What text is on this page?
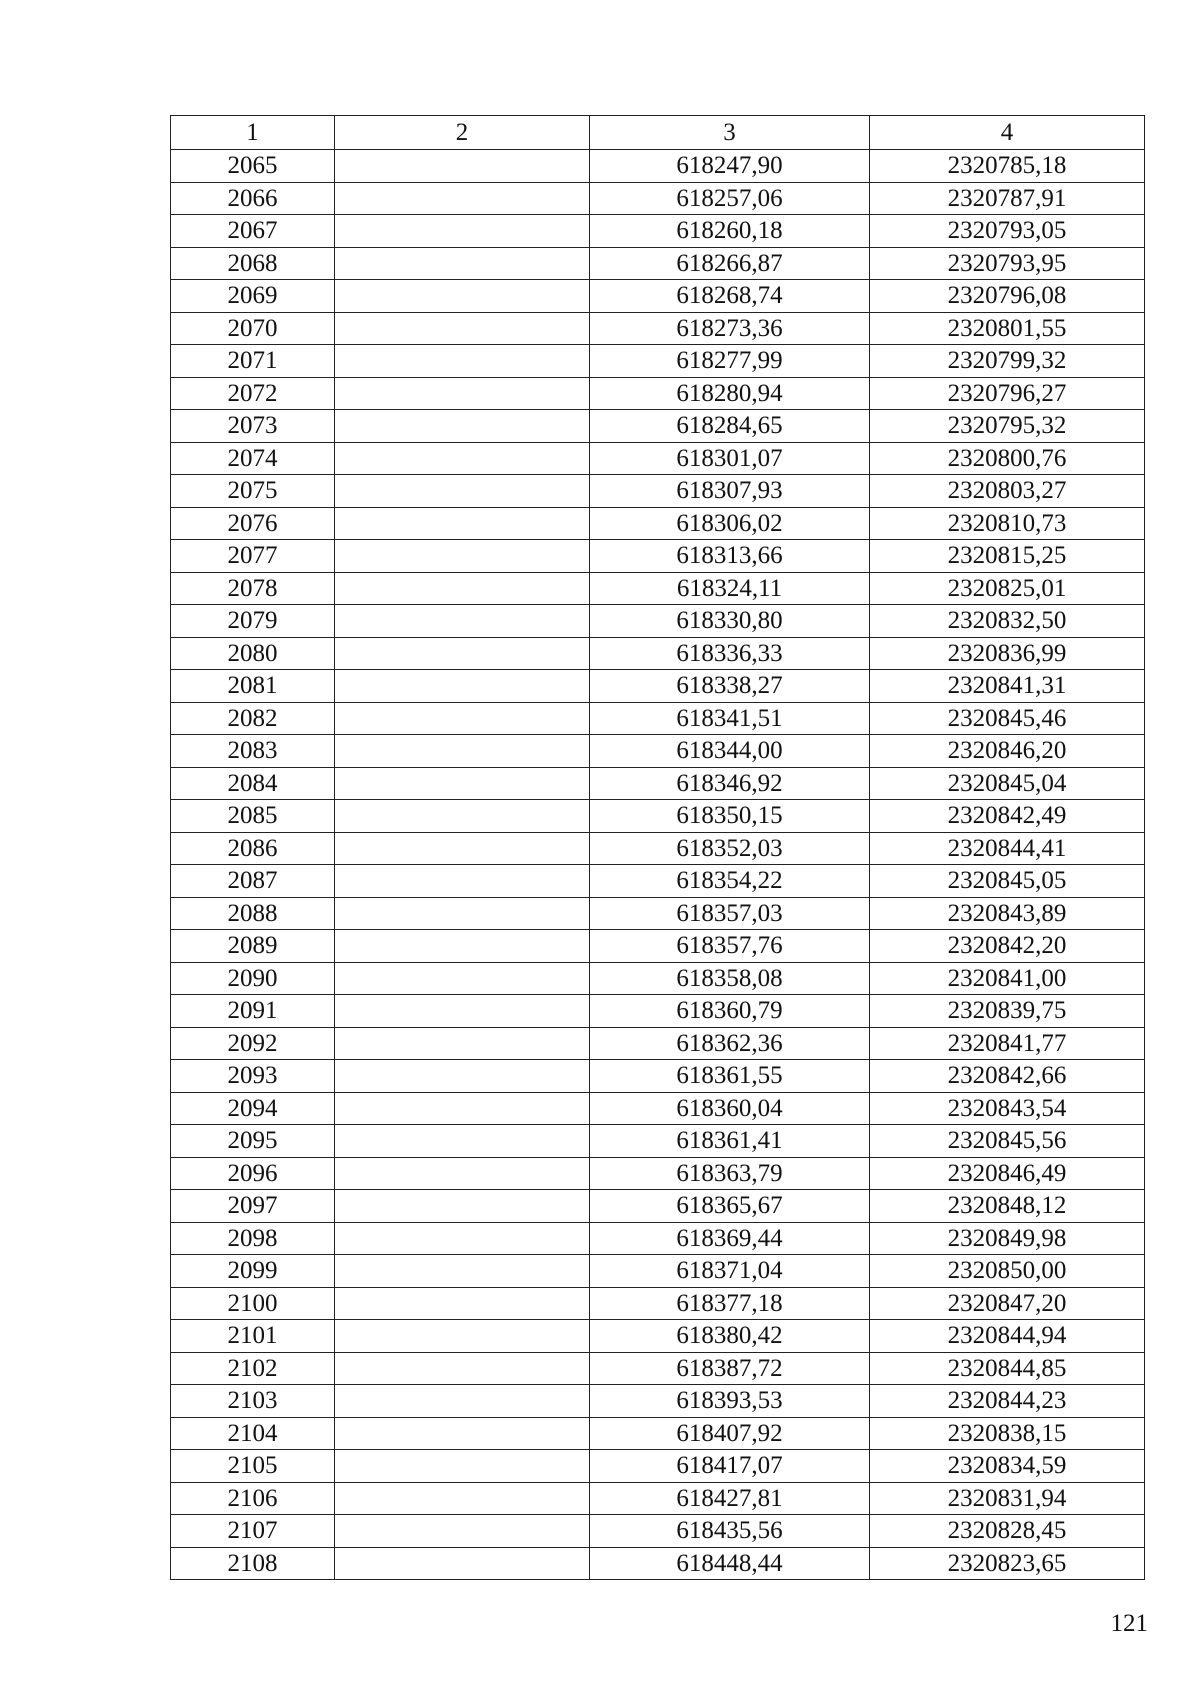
1	2	3	4
2065		618247,90	2320785,18
2066		618257,06	2320787,91
2067		618260,18	2320793,05
2068		618266,87	2320793,95
2069		618268,74	2320796,08
2070		618273,36	2320801,55
2071		618277,99	2320799,32
2072		618280,94	2320796,27
2073		618284,65	2320795,32
2074		618301,07	2320800,76
2075		618307,93	2320803,27
2076		618306,02	2320810,73
2077		618313,66	2320815,25
2078		618324,11	2320825,01
2079		618330,80	2320832,50
2080		618336,33	2320836,99
2081		618338,27	2320841,31
2082		618341,51	2320845,46
2083		618344,00	2320846,20
2084		618346,92	2320845,04
2085		618350,15	2320842,49
2086		618352,03	2320844,41
2087		618354,22	2320845,05
2088		618357,03	2320843,89
2089		618357,76	2320842,20
2090		618358,08	2320841,00
2091		618360,79	2320839,75
2092		618362,36	2320841,77
2093		618361,55	2320842,66
2094		618360,04	2320843,54
2095		618361,41	2320845,56
2096		618363,79	2320846,49
2097		618365,67	2320848,12
2098		618369,44	2320849,98
2099		618371,04	2320850,00
2100		618377,18	2320847,20
2101		618380,42	2320844,94
2102		618387,72	2320844,85
2103		618393,53	2320844,23
2104		618407,92	2320838,15
2105		618417,07	2320834,59
2106		618427,81	2320831,94
2107		618435,56	2320828,45
2108		618448,44	2320823,65
121
